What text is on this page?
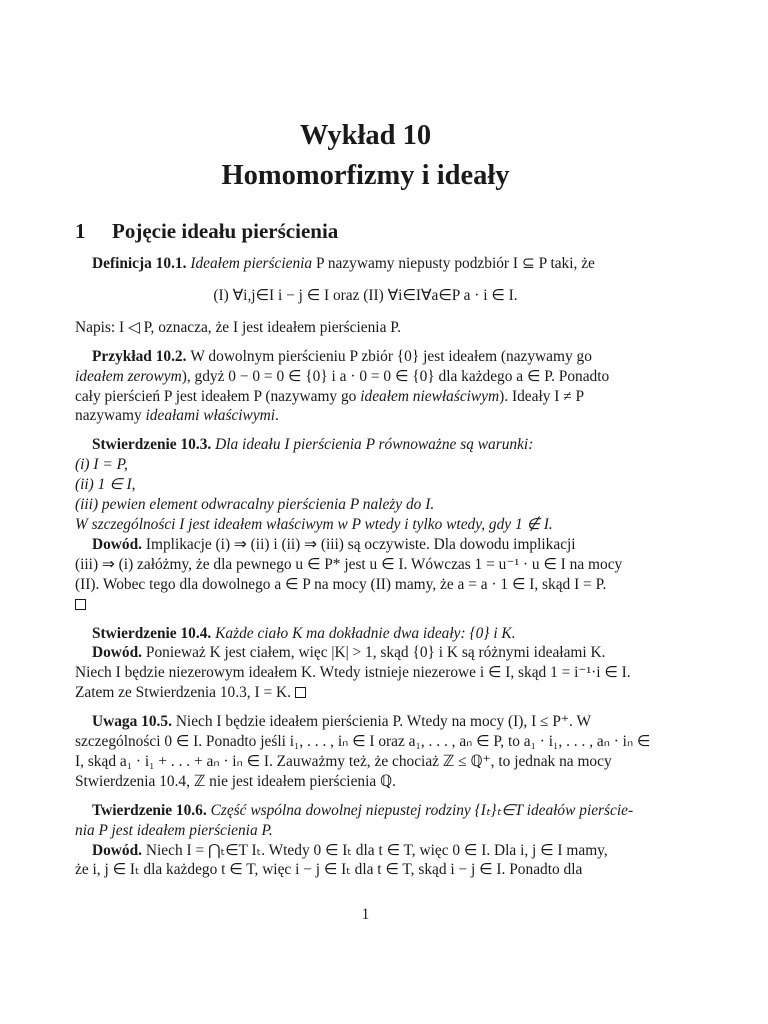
Wykład 10
Homomorfizmy i ideały
1 Pojęcie ideału pierścienia

Definicja 10.1. Ideałem pierścienia P nazywamy niepusty podzbiór I ⊆ P taki, że

(I) ∀i,j∈I i − j ∈ I oraz (II) ∀i∈I∀a∈P a · i ∈ I.

Napis: I ◁ P, oznacza, że I jest ideałem pierścienia P.

Przykład 10.2. W dowolnym pierścieniu P zbiór {0} jest ideałem (nazywamy go

ideałem zerowym), gdyż 0 − 0 = 0 ∈ {0} i a · 0 = 0 ∈ {0} dla każdego a ∈ P. Ponadto

cały pierścień P jest ideałem P (nazywamy go ideałem niewłaściwym). Ideały I ≠ P

nazywamy ideałami właściwymi.

Stwierdzenie 10.3. Dla ideału I pierścienia P równoważne są warunki:

(i) I = P,

(ii) 1 ∈ I,

(iii) pewien element odwracalny pierścienia P należy do I.

W szczególności I jest ideałem właściwym w P wtedy i tylko wtedy, gdy 1 ∉ I.

Dowód. Implikacje (i) ⇒ (ii) i (ii) ⇒ (iii) są oczywiste. Dla dowodu implikacji

(iii) ⇒ (i) załóżmy, że dla pewnego u ∈ P* jest u ∈ I. Wówczas 1 = u⁻¹ · u ∈ I na mocy

(II). Wobec tego dla dowolnego a ∈ P na mocy (II) mamy, że a = a · 1 ∈ I, skąd I = P.

Stwierdzenie 10.4. Każde ciało K ma dokładnie dwa ideały: {0} i K.

Dowód. Ponieważ K jest ciałem, więc |K| > 1, skąd {0} i K są różnymi ideałami K.

Niech I będzie niezerowym ideałem K. Wtedy istnieje niezerowe i ∈ I, skąd 1 = i⁻¹·i ∈ I.

Zatem ze Stwierdzenia 10.3, I = K.

Uwaga 10.5. Niech I będzie ideałem pierścienia P. Wtedy na mocy (I), I ≤ P⁺. W

szczególności 0 ∈ I. Ponadto jeśli i₁, . . . , iₙ ∈ I oraz a₁, . . . , aₙ ∈ P, to a₁ · i₁, . . . , aₙ · iₙ ∈

I, skąd a₁ · i₁ + . . . + aₙ · iₙ ∈ I. Zauważmy też, że chociaż ℤ ≤ ℚ⁺, to jednak na mocy

Stwierdzenia 10.4, ℤ nie jest ideałem pierścienia ℚ.

Twierdzenie 10.6. Część wspólna dowolnej niepustej rodziny {Iₜ}ₜ∈T ideałów pierście-

nia P jest ideałem pierścienia P.

Dowód. Niech I = ⋂ₜ∈T Iₜ. Wtedy 0 ∈ Iₜ dla t ∈ T, więc 0 ∈ I. Dla i, j ∈ I mamy,

że i, j ∈ Iₜ dla każdego t ∈ T, więc i − j ∈ Iₜ dla t ∈ T, skąd i − j ∈ I. Ponadto dla

1
